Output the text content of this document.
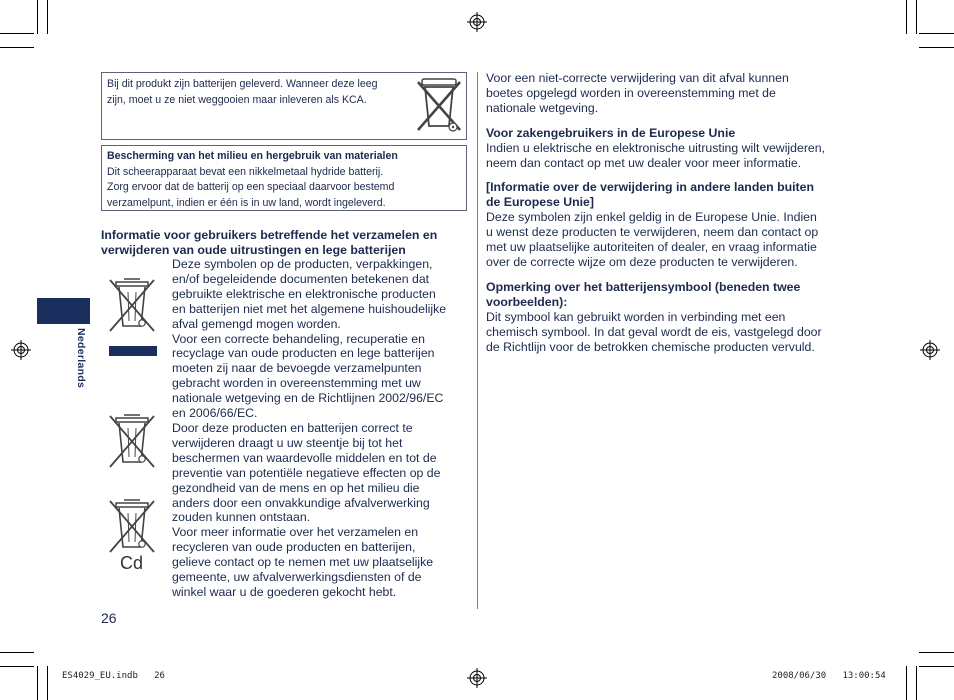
Nederlands

Bij dit produkt zijn batterijen geleverd. Wanneer deze leeg zijn, moet u ze niet weggooien maar inleveren als KCA.

Bescherming van het milieu en hergebruik van materialen

Dit scheerapparaat bevat een nikkelmetaal hydride batterij.

Zorg ervoor dat de batterij op een speciaal daarvoor bestemd

verzamelpunt, indien er één is in uw land, wordt ingeleverd.

Informatie voor gebruikers betreffende het verzamelen en

verwijderen van oude uitrustingen en lege batterijen

Deze symbolen op de producten, verpakkingen,

en/of begeleidende documenten betekenen dat

gebruikte elektrische en elektronische producten

en batterijen niet met het algemene huishoudelijke

afval gemengd mogen worden.

Voor een correcte behandeling, recuperatie en

recyclage van oude producten en lege batterijen

moeten zij naar de bevoegde verzamelpunten

gebracht worden in overeenstemming met uw

nationale wetgeving en de Richtlijnen 2002/96/EC

en 2006/66/EC.

Door deze producten en batterijen correct te

verwijderen draagt u uw steentje bij tot het

beschermen van waardevolle middelen en tot de

preventie van potentiële negatieve effecten op de

gezondheid van de mens en op het milieu die

anders door een onvakkundige afvalverwerking

zouden kunnen ontstaan.

Voor meer informatie over het verzamelen en

recycleren van oude producten en batterijen,

gelieve contact op te nemen met uw plaatselijke

gemeente, uw afvalverwerkingsdiensten of de

winkel waar u de goederen gekocht hebt.

Cd

Voor een niet-correcte verwijdering van dit afval kunnen

boetes opgelegd worden in overeenstemming met de

nationale wetgeving.

Voor zakengebruikers in de Europese Unie

Indien u elektrische en elektronische uitrusting wilt vewijderen,

neem dan contact op met uw dealer voor meer informatie.

[Informatie over de verwijdering in andere landen buiten

de Europese Unie]

Deze symbolen zijn enkel geldig in de Europese Unie. Indien

u wenst deze producten te verwijderen, neem dan contact op

met uw plaatselijke autoriteiten of dealer, en vraag informatie

over de correcte wijze om deze producten te verwijderen.

Opmerking over het batterijensymbool (beneden twee

voorbeelden):

Dit symbool kan gebruikt worden in verbinding met een

chemisch symbool. In dat geval wordt de eis, vastgelegd door

de Richtlijn voor de betrokken chemische producten vervuld.

26
ES4029_EU.indb   26	2008/06/30   13:00:54
